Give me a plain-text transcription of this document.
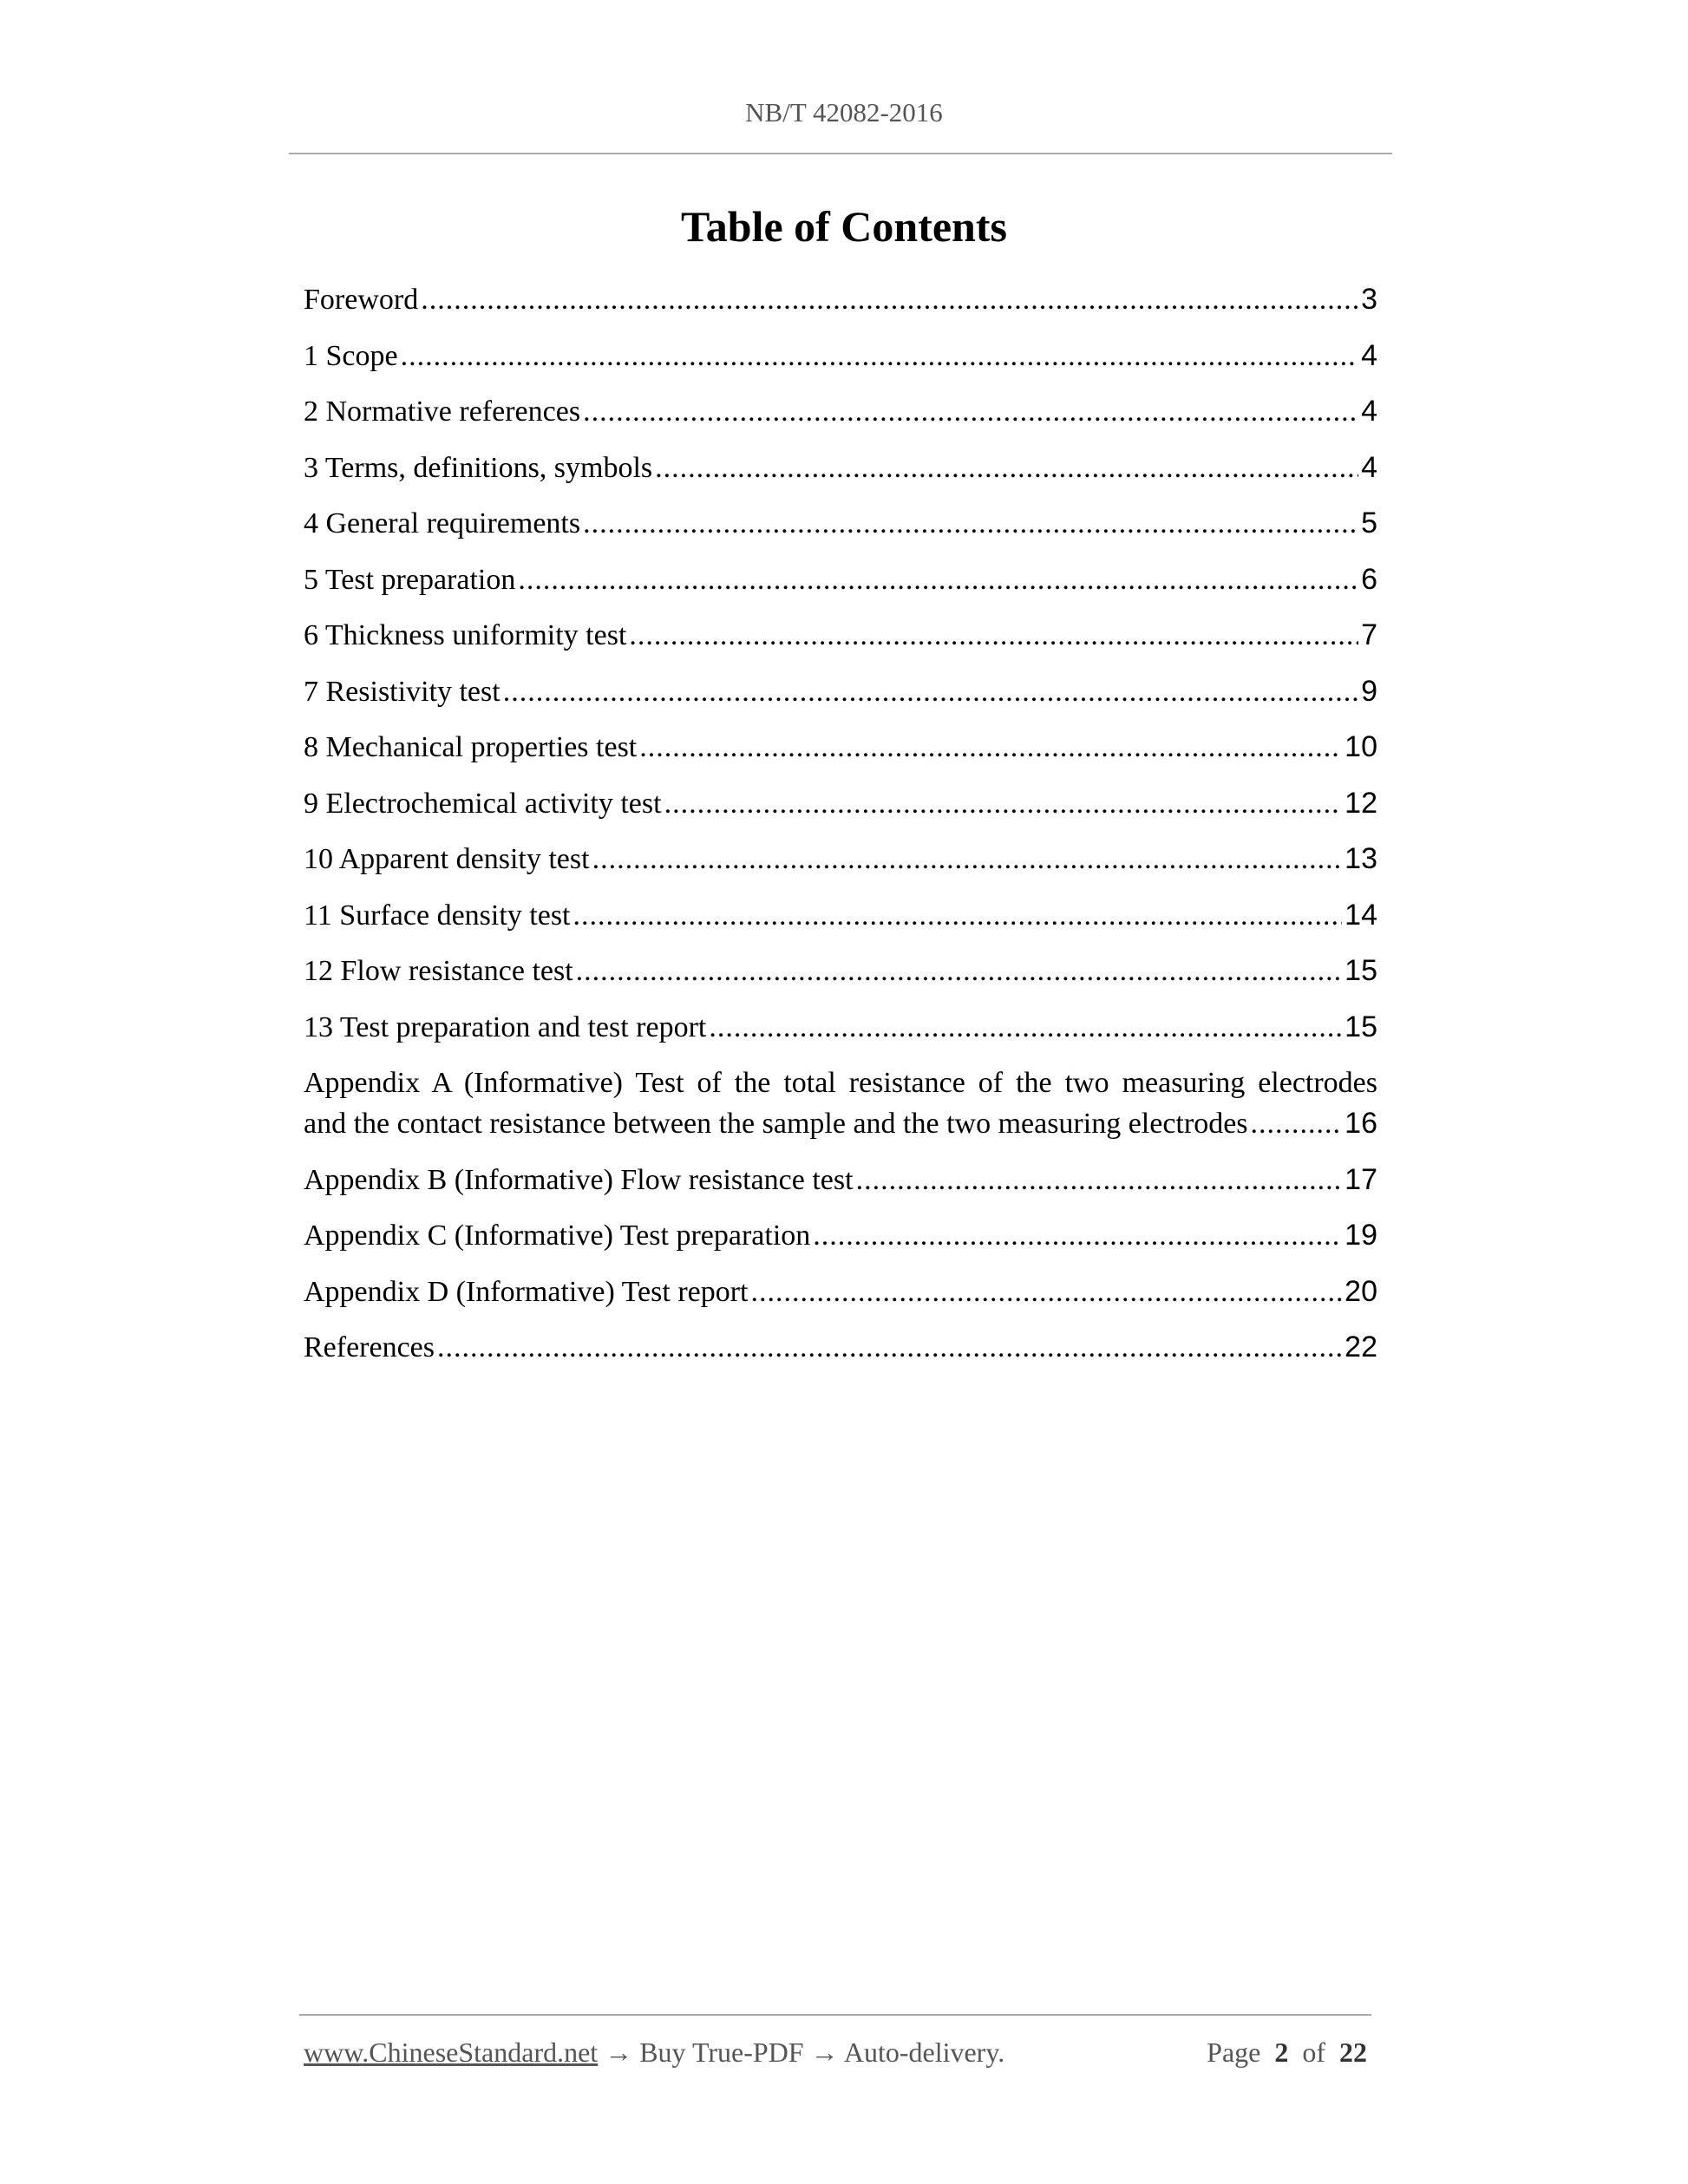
NB/T 42082-2016
Table of Contents
Foreword .....	3
1 Scope .....	4
2 Normative references .....	4
3 Terms, definitions, symbols .....	4
4 General requirements .....	5
5 Test preparation .....	6
6 Thickness uniformity test .....	7
7 Resistivity test .....	9
8 Mechanical properties test .....	10
9 Electrochemical activity test .....	12
10 Apparent density test .....	13
11 Surface density test .....	14
12 Flow resistance test .....	15
13 Test preparation and test report .....	15
Appendix A (Informative) Test of the total resistance of the two measuring electrodes
and the contact resistance between the sample and the two measuring electrodes .....	16
Appendix B (Informative) Flow resistance test .....	17
Appendix C (Informative) Test preparation .....	19
Appendix D (Informative) Test report .....	20
References .....	22
www.ChineseStandard.net → Buy True-PDF → Auto-delivery.	Page 2 of 22
